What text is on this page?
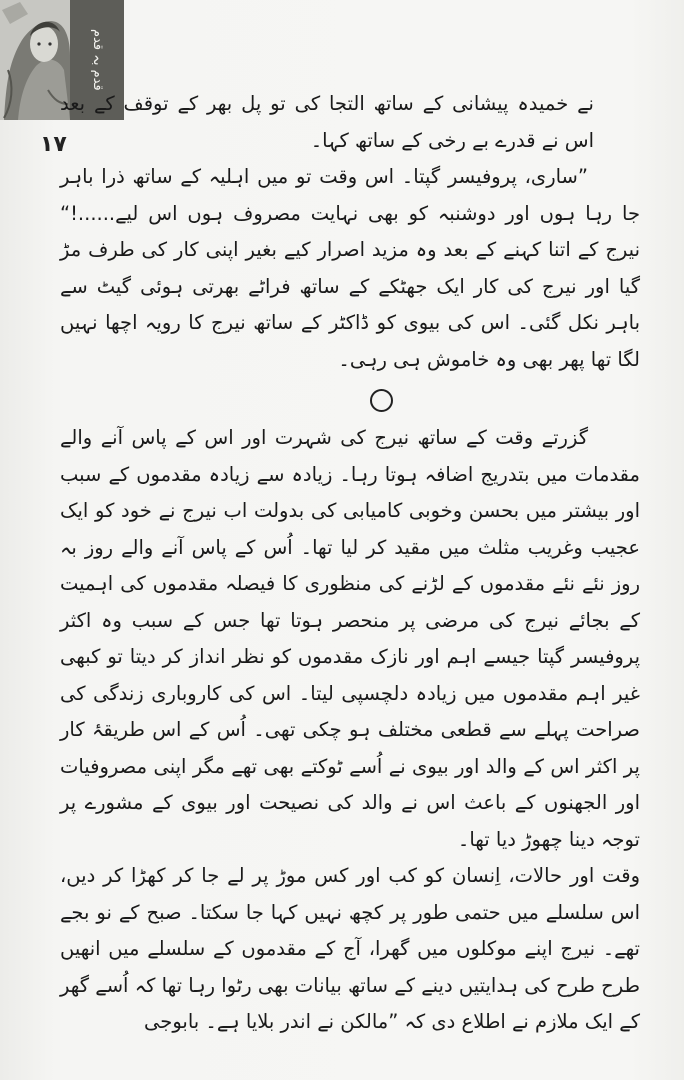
قدم بہ قدم
۱۷

نے خمیدہ پیشانی کے ساتھ التجا کی تو پل بھر کے توقف کے بعد اس نے قدرے بے رخی کے ساتھ کہا۔

”ساری، پروفیسر گپتا۔ اس وقت تو میں اہلیہ کے ساتھ ذرا باہر جا رہا ہوں اور دوشنبہ کو بھی نہایت مصروف ہوں اس لیے......!“ نیرج کے اتنا کہنے کے بعد وہ مزید اصرار کیے بغیر اپنی کار کی طرف مڑ گیا اور نیرج کی کار ایک جھٹکے کے ساتھ فراٹے بھرتی ہوئی گیٹ سے باہر نکل گئی۔ اس کی بیوی کو ڈاکٹر کے ساتھ نیرج کا رویہ اچھا نہیں لگا تھا پھر بھی وہ خاموش ہی رہی۔

گزرتے وقت کے ساتھ نیرج کی شہرت اور اس کے پاس آنے والے مقدمات میں بتدریج اضافہ ہوتا رہا۔ زیادہ سے زیادہ مقدموں کے سبب اور بیشتر میں بحسن وخوبی کامیابی کی بدولت اب نیرج نے خود کو ایک عجیب وغریب مثلث میں مقید کر لیا تھا۔ اُس کے پاس آنے والے روز بہ روز نئے نئے مقدموں کے لڑنے کی منظوری کا فیصلہ مقدموں کی اہمیت کے بجائے نیرج کی مرضی پر منحصر ہوتا تھا جس کے سبب وہ اکثر پروفیسر گپتا جیسے اہم اور نازک مقدموں کو نظر انداز کر دیتا تو کبھی غیر اہم مقدموں میں زیادہ دلچسپی لیتا۔ اس کی کاروباری زندگی کی صراحت پہلے سے قطعی مختلف ہو چکی تھی۔ اُس کے اس طریقۂ کار پر اکثر اس کے والد اور بیوی نے اُسے ٹوکتے بھی تھے مگر اپنی مصروفیات اور الجھنوں کے باعث اس نے والد کی نصیحت اور بیوی کے مشورے پر توجہ دینا چھوڑ دیا تھا۔

وقت اور حالات، اِنسان کو کب اور کس موڑ پر لے جا کر کھڑا کر دیں، اس سلسلے میں حتمی طور پر کچھ نہیں کہا جا سکتا۔ صبح کے نو بجے تھے۔ نیرج اپنے موکلوں میں گھرا، آج کے مقدموں کے سلسلے میں انھیں طرح طرح کی ہدایتیں دینے کے ساتھ بیانات بھی رٹوا رہا تھا کہ اُسے گھر کے ایک ملازم نے اطلاع دی کہ ”مالکن نے اندر بلایا ہے۔ بابوجی
